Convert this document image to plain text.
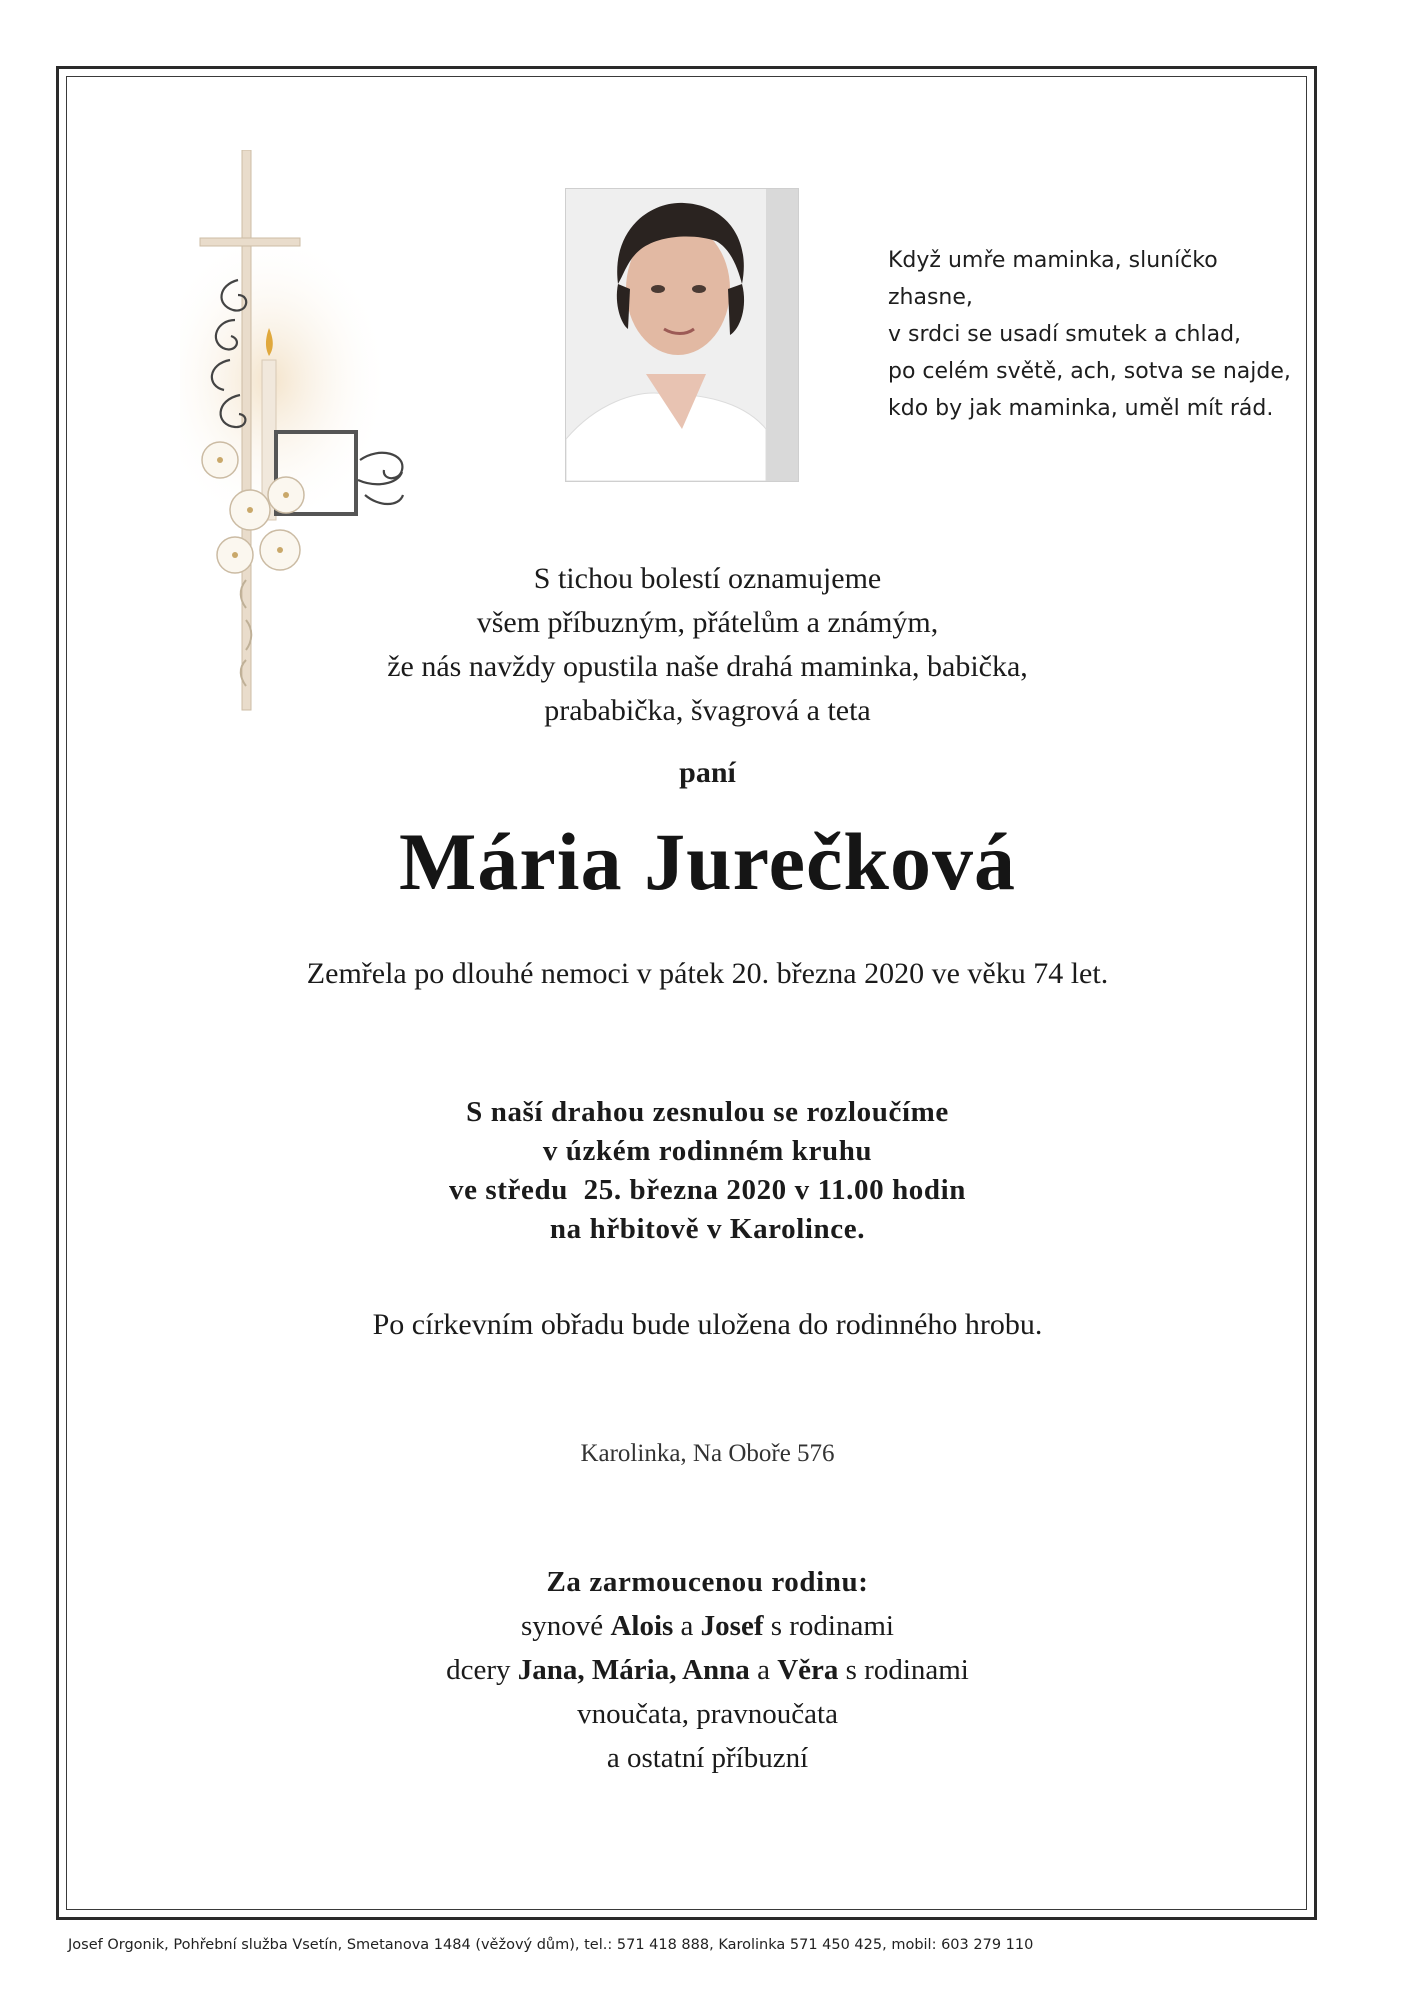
Když umře maminka, sluníčko
zhasne,
v srdci se usadí smutek a chlad,
po celém světě, ach, sotva se najde,
kdo by jak maminka, uměl mít rád.
S tichou bolestí oznamujeme
všem příbuzným, přátelům a známým,
že nás navždy opustila naše drahá maminka, babička,
prababička, švagrová a teta
paní
Mária Jurečková
Zemřela po dlouhé nemoci v pátek 20. března 2020 ve věku 74 let.
S naší drahou zesnulou se rozloučíme
v úzkém rodinném kruhu
ve středu  25. března 2020 v 11.00 hodin
na hřbitově v Karolince.
Po církevním obřadu bude uložena do rodinného hrobu.
Karolinka, Na Oboře 576
Za zarmoucenou rodinu:
synové Alois a Josef s rodinami
dcery Jana, Mária, Anna a Věra s rodinami
vnoučata, pravnoučata
a ostatní příbuzní
Josef Orgonik, Pohřební služba Vsetín, Smetanova 1484 (věžový dům), tel.: 571 418 888, Karolinka 571 450 425, mobil: 603 279 110
